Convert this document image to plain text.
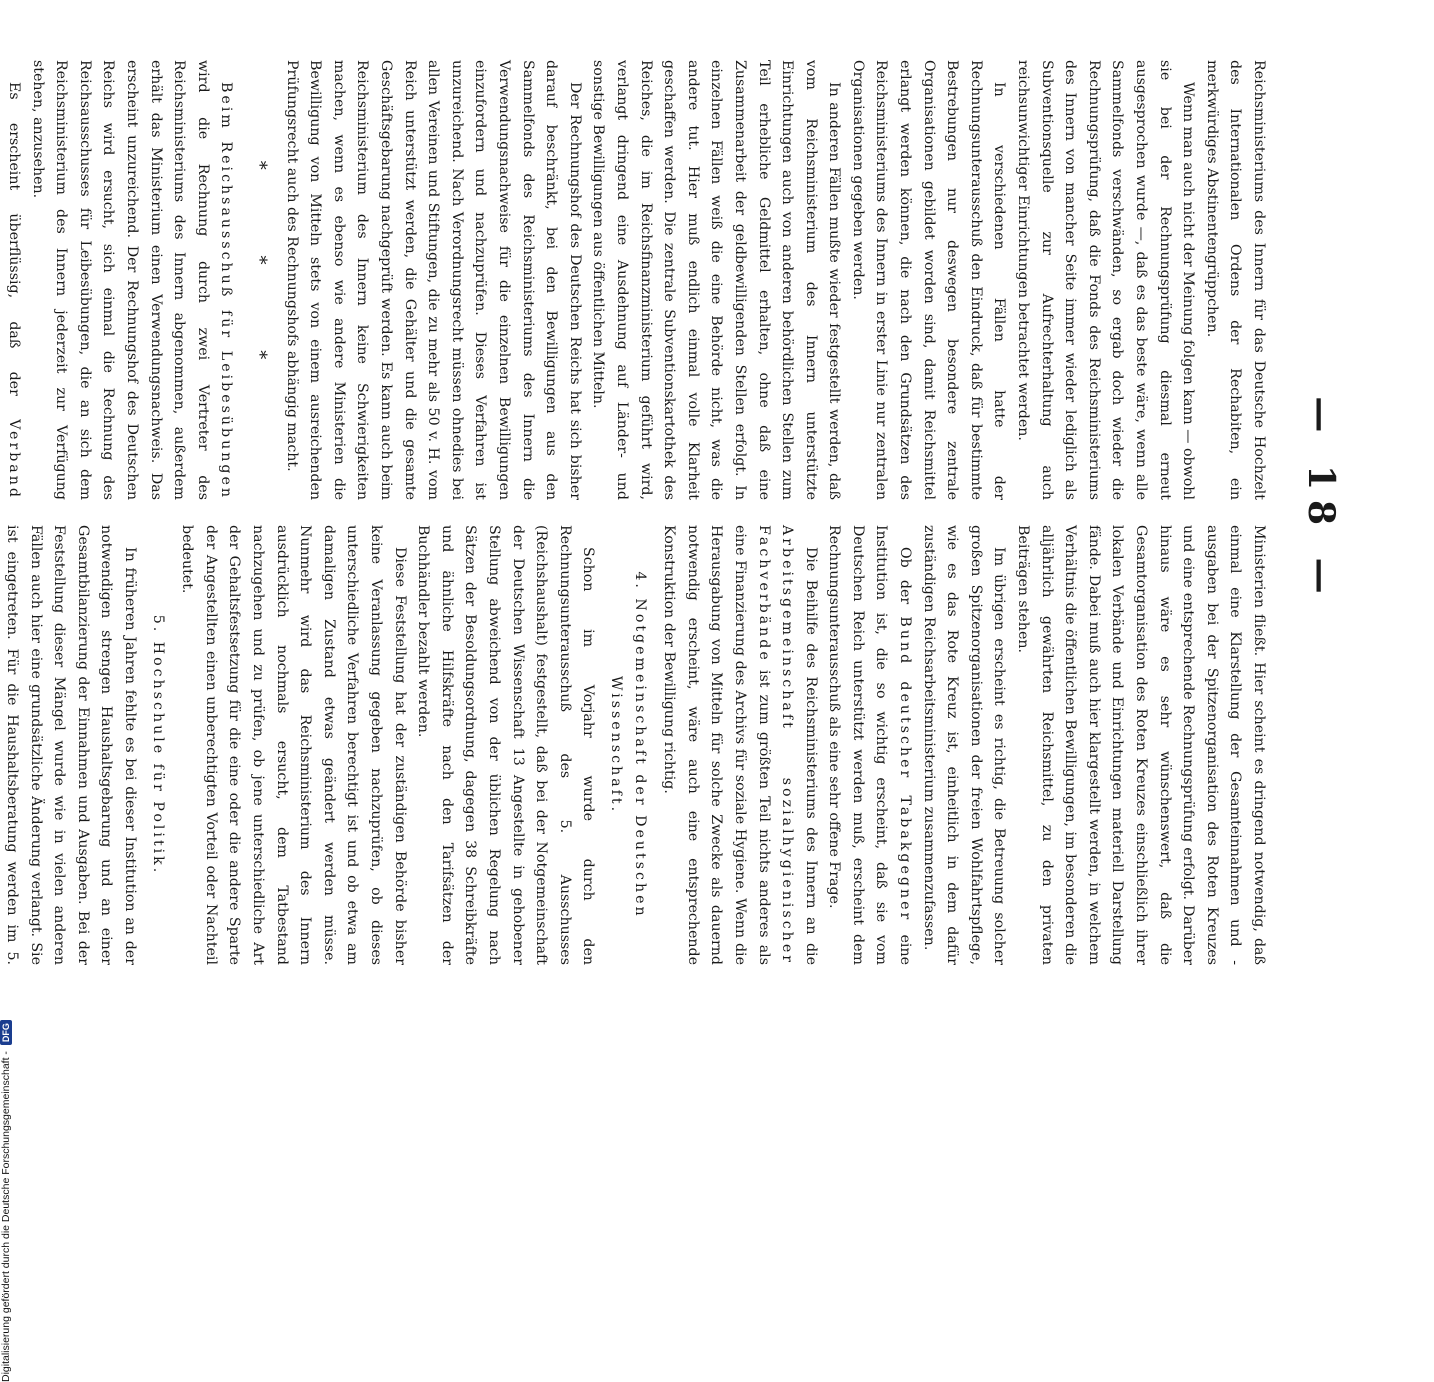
— 18 —

Reichsministeriums des Innern für das Deutsche Hochzelt des Internationalen Ordens der Rechabiten, ein merkwürdiges Abstinentengrüppchen.

Wenn man auch nicht der Meinung folgen kann — obwohl sie bei der Rechnungsprüfung diesmal erneut ausgesprochen wurde —, daß es das beste wäre, wenn alle Sammelfonds verschwänden, so ergab doch wieder die Rechnungsprüfung, daß die Fonds des Reichsministeriums des Innern von mancher Seite immer wieder lediglich als Subventionsquelle zur Aufrechterhaltung auch reichsunwichtiger Einrichtungen betrachtet werden.

In verschiedenen Fällen hatte der Rechnungsunterausschuß den Eindruck, daß für bestimmte Bestrebungen nur deswegen besondere zentrale Organisationen gebildet worden sind, damit Reichsmittel erlangt werden können, die nach den Grundsätzen des Reichsministeriums des Innern in erster Linie nur zentralen Organisationen gegeben werden.

In anderen Fällen mußte wieder festgestellt werden, daß vom Reichsministerium des Innern unterstützte Einrichtungen auch von anderen behördlichen Stellen zum Teil erhebliche Geldmittel erhalten, ohne daß eine Zusammenarbeit der geldbewilligenden Stellen erfolgt. In einzelnen Fällen weiß die eine Behörde nicht, was die andere tut. Hier muß endlich einmal volle Klarheit geschaffen werden. Die zentrale Subventionskartothek des Reiches, die im Reichsfinanzministerium geführt wird, verlangt dringend eine Ausdehnung auf Länder- und sonstige Bewilligungen aus öffentlichen Mitteln.

Der Rechnungshof des Deutschen Reichs hat sich bisher darauf beschränkt, bei den Bewilligungen aus den Sammelfonds des Reichsministeriums des Innern die Verwendungsnachweise für die einzelnen Bewilligungen einzufordern und nachzuprüfen. Dieses Verfahren ist unzureichend. Nach Verordnungsrecht müssen ohnedies bei allen Vereinen und Stiftungen, die zu mehr als 50 v. H. vom Reich unterstützt werden, die Gehälter und die gesamte Geschäftsgebarung nachgeprüft werden. Es kann auch beim Reichsministerium des Innern keine Schwierigkeiten machen, wenn es ebenso wie andere Ministerien die Bewilligung von Mitteln stets von einem ausreichenden Prüfungsrecht auch des Rechnungshofs abhängig macht.

* * *

Beim Reichsausschuß für Leibesübungen wird die Rechnung durch zwei Vertreter des Reichsministeriums des Innern abgenommen, außerdem erhält das Ministerium einen Verwendungsnachweis. Das erscheint unzureichend. Der Rechnungshof des Deutschen Reichs wird ersucht, sich einmal die Rechnung des Reichsausschusses für Leibesübungen, die an sich dem Reichsministerium des Innern jederzeit zur Verfügung stehen, anzusehen.

Es erscheint überflüssig, daß der Verband

Ministerien fließt. Hier scheint es dringend notwendig, daß einmal eine Klarstellung der Gesamteinnahmen und -ausgaben bei der Spitzenorganisation des Roten Kreuzes und eine entsprechende Rechnungsprüfung erfolgt. Darüber hinaus wäre es sehr wünschenswert, daß die Gesamtorganisation des Roten Kreuzes einschließlich ihrer lokalen Verbände und Einrichtungen materiell Darstellung fände. Dabei muß auch hier klargestellt werden, in welchem Verhältnis die öffentlichen Bewilligungen, im besonderen die alljährlich gewährten Reichsmittel, zu den privaten Beiträgen stehen.

Im übrigen erscheint es richtig, die Betreuung solcher großen Spitzenorganisationen der freien Wohlfahrtspflege, wie es das Rote Kreuz ist, einheitlich in dem dafür zuständigen Reichsarbeitsministerium zusammenzufassen.

Ob der Bund deutscher Tabakgegner eine Institution ist, die so wichtig erscheint, daß sie vom Deutschen Reich unterstützt werden muß, erscheint dem Rechnungsunterausschuß als eine sehr offene Frage.

Die Beihilfe des Reichsministeriums des Innern an die Arbeitsgemeinschaft sozialhygienischer Fachverbände ist zum größten Teil nichts anderes als eine Finanzierung des Archivs für soziale Hygiene. Wenn die Herausgabung von Mitteln für solche Zwecke als dauernd notwendig erscheint, wäre auch eine entsprechende Konstruktion der Bewilligung richtig.

4. Notgemeinschaft der Deutschen Wissenschaft.

Schon im Vorjahr wurde durch den Rechnungsunterausschuß des 5. Ausschusses (Reichshaushalt) festgestellt, daß bei der Notgemeinschaft der Deutschen Wissenschaft 13 Angestellte in gehobener Stellung abweichend von der üblichen Regelung nach Sätzen der Besoldungsordnung, dagegen 38 Schreibkräfte und ähnliche Hilfskräfte nach den Tarifsätzen der Buchhändler bezahlt werden.

Diese Feststellung hat der zuständigen Behörde bisher keine Veranlassung gegeben nachzuprüfen, ob dieses unterschiedliche Verfahren berechtigt ist und ob etwa am damaligen Zustand etwas geändert werden müsse. Nunmehr wird das Reichsministerium des Innern ausdrücklich nochmals ersucht, dem Tatbestand nachzugehen und zu prüfen, ob jene unterschiedliche Art der Gehaltsfestsetzung für die eine oder die andere Sparte der Angestellten einen unberechtigten Vorteil oder Nachteil bedeutet.

5. Hochschule für Politik.

In früheren Jahren fehlte es bei dieser Institution an der notwendigen strengen Haushaltsgebarung und an einer Gesamtbilanzierung der Einnahmen und Ausgaben. Bei der Feststellung dieser Mängel wurde wie in vielen anderen Fällen auch hier eine grundsätzliche Änderung verlangt. Sie ist eingetreten. Für die Haushaltsberatung werden im 5.

Digitalisierung gefördert durch die Deutsche Forschungsgemeinschaft -
DFG
